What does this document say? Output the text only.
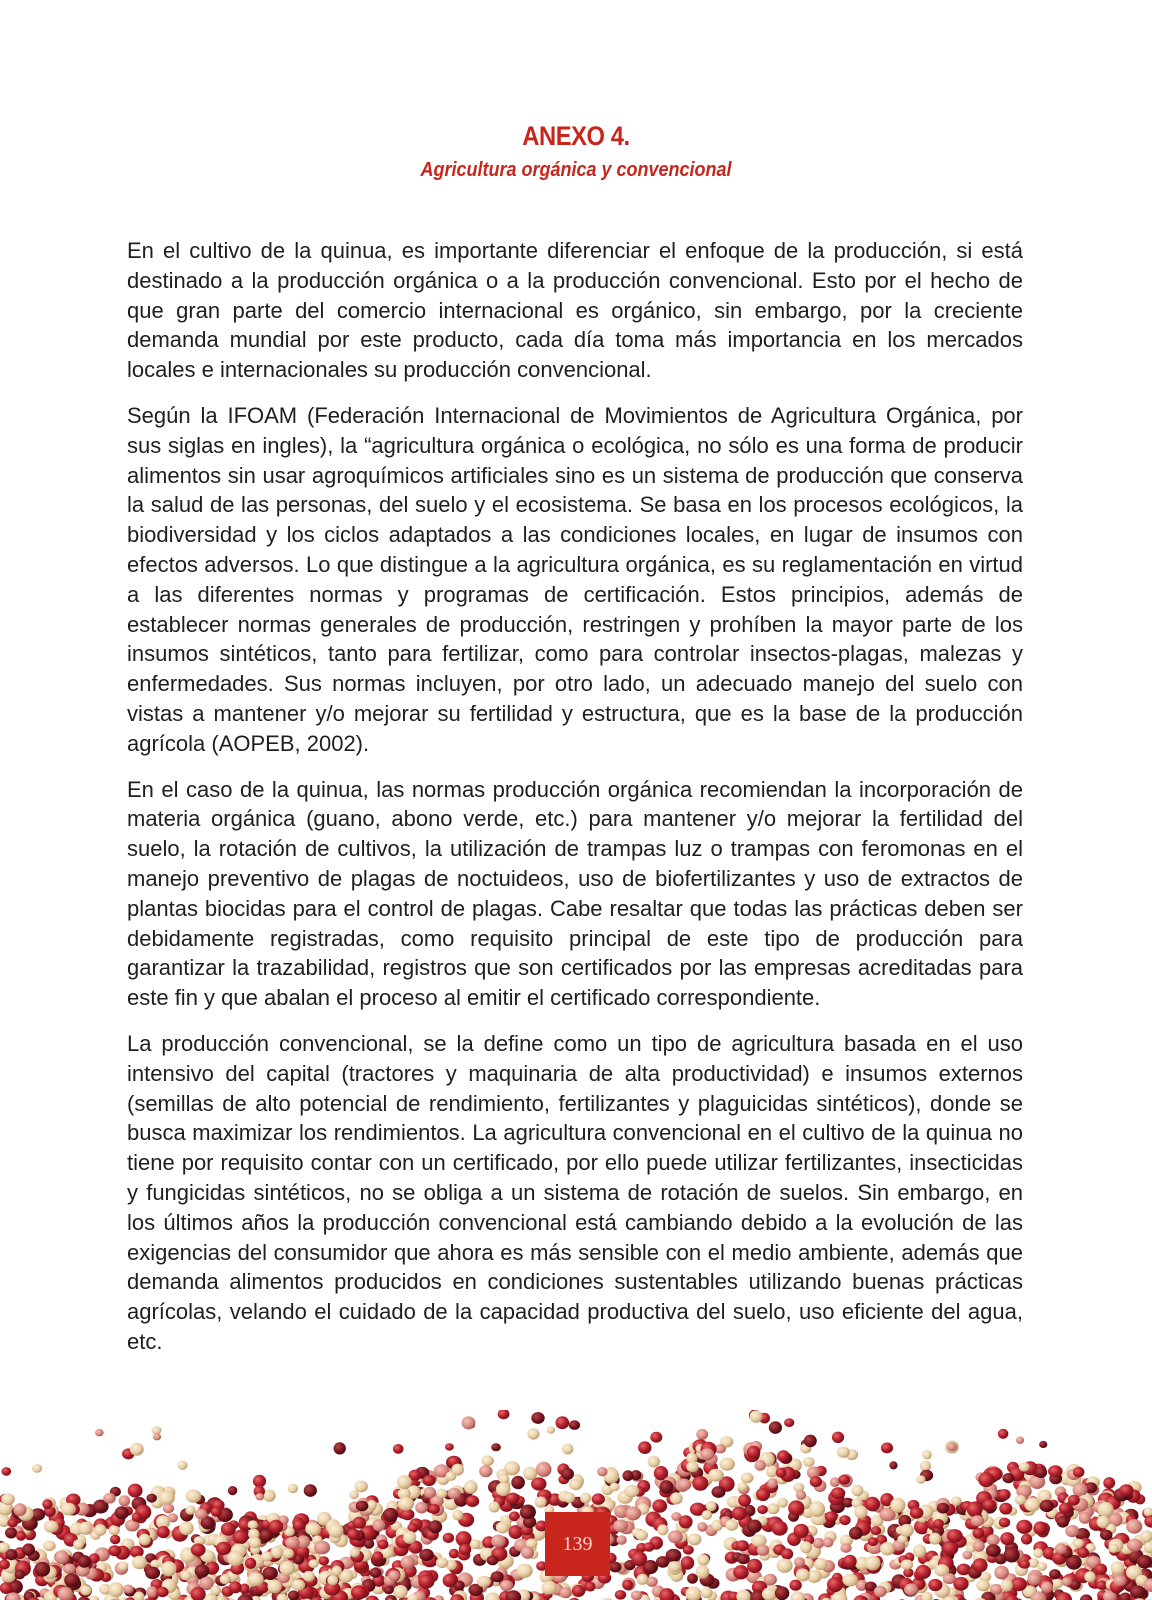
ANEXO 4.
Agricultura orgánica y convencional

En el cultivo de la quinua, es importante diferenciar el enfoque de la producción, si está destinado a la producción orgánica o a la producción convencional. Esto por el hecho de que gran parte del comercio internacional es orgánico, sin embargo, por la creciente demanda mundial por este producto, cada día toma más importancia en los mercados locales e internacionales su producción convencional.

Según la IFOAM (Federación Internacional de Movimientos de Agricultura Orgánica, por sus siglas en ingles), la “agricultura orgánica o ecológica, no sólo es una forma de producir alimentos sin usar agroquímicos artificiales sino es un sistema de producción que conserva la salud de las personas, del suelo y el ecosistema. Se basa en los procesos ecológicos, la biodiversidad y los ciclos adaptados a las condiciones locales, en lugar de insumos con efectos adversos. Lo que distingue a la agricultura orgánica, es su reglamentación en virtud a las diferentes normas y programas de certificación. Estos principios, además de establecer normas generales de producción, restringen y prohíben la mayor parte de los insumos sintéticos, tanto para fertilizar, como para controlar insectos-plagas, malezas y enfermedades. Sus normas incluyen, por otro lado, un adecuado manejo del suelo con vistas a mantener y/o mejorar su fertilidad y estructura, que es la base de la producción agrícola (AOPEB, 2002).

En el caso de la quinua, las normas producción orgánica recomiendan la incorporación de materia orgánica (guano, abono verde, etc.) para mantener y/o mejorar la fertilidad del suelo, la rotación de cultivos, la utilización de trampas luz o trampas con feromonas en el manejo preventivo de plagas de noctuideos, uso de biofertilizantes y uso de extractos de plantas biocidas para el control de plagas. Cabe resaltar que todas las prácticas deben ser debidamente registradas, como requisito principal de este tipo de producción para garantizar la trazabilidad, registros que son certificados por las empresas acreditadas para este fin y que abalan el proceso al emitir el certificado correspondiente.

La producción convencional, se la define como un tipo de agricultura basada en el uso intensivo del capital (tractores y maquinaria de alta productividad) e insumos externos (semillas de alto potencial de rendimiento, fertilizantes y plaguicidas sintéticos), donde se busca maximizar los rendimientos. La agricultura convencional en el cultivo de la quinua no tiene por requisito contar con un certificado, por ello puede utilizar fertilizantes, insecticidas y fungicidas sintéticos, no se obliga a un sistema de rotación de suelos. Sin embargo, en los últimos años la producción convencional está cambiando debido a la evolución de las exigencias del consumidor que ahora es más sensible con el medio ambiente, además que demanda alimentos producidos en condiciones sustentables utilizando buenas prácticas agrícolas, velando el cuidado de la capacidad productiva del suelo, uso eficiente del agua, etc.

139
